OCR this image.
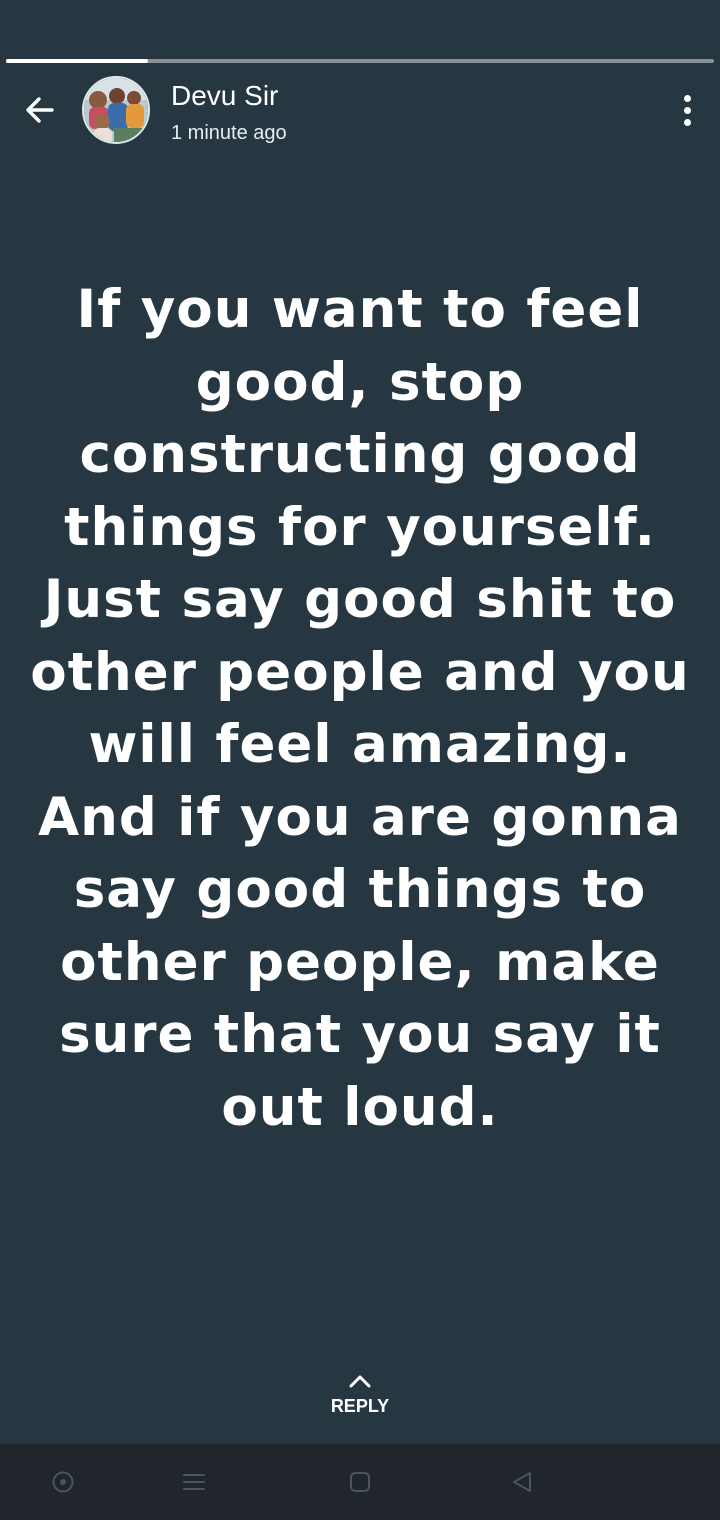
Devu Sir
1 minute ago
If you want to feel good, stop constructing good things for yourself. Just say good shit to other people and you will feel amazing. And if you are gonna say good things to other people, make sure that you say it out loud.
REPLY
